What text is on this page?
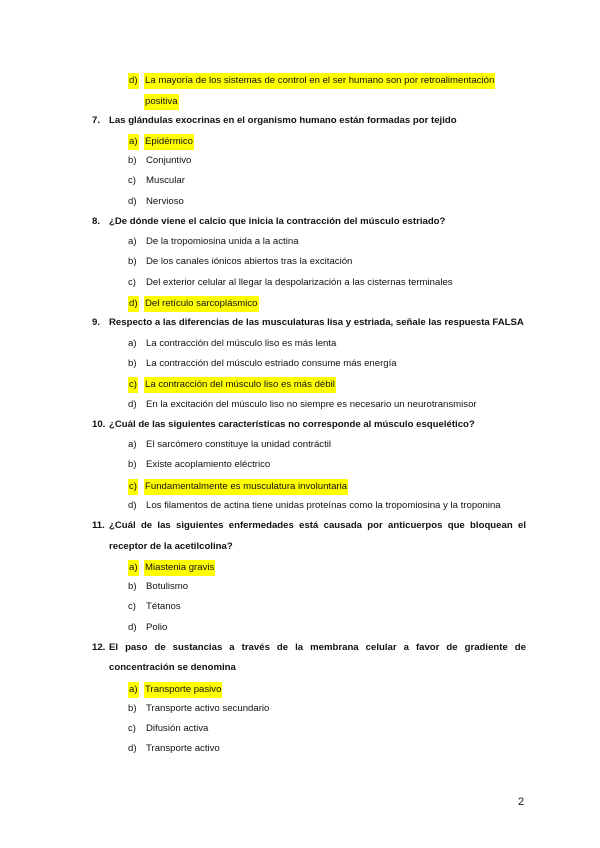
d) La mayoría de los sistemas de control en el ser humano son por retroalimentación
positiva
7. Las glándulas exocrinas en el organismo humano están formadas por tejido
a) Epidérmico
b) Conjuntivo
c) Muscular
d) Nervioso
8. ¿De dónde viene el calcio que inicia la contracción del músculo estriado?
a) De la tropomiosina unida a la actina
b) De los canales iónicos abiertos tras la excitación
c) Del exterior celular al llegar la despolarización a las cisternas terminales
d) Del retículo sarcoplásmico
9. Respecto a las diferencias de las musculaturas lisa y estriada, señale las respuesta FALSA
a) La contracción del músculo liso es más lenta
b) La contracción del músculo estriado consume más energía
c) La contracción del músculo liso es más débil
d) En la excitación del músculo liso no siempre es necesario un neurotransmisor
10. ¿Cuál de las siguientes características no corresponde al músculo esquelético?
a) El sarcómero constituye la unidad contráctil
b) Existe acoplamiento eléctrico
c) Fundamentalmente es musculatura involuntaria
d) Los filamentos de actina tiene unidas proteínas como la tropomiosina y la troponina
11. ¿Cuál de las siguientes enfermedades está causada por anticuerpos que bloquean el
receptor de la acetilcolina?
a) Miastenia gravis
b) Botulismo
c) Tétanos
d) Polio
12. El paso de sustancias a través de la membrana celular a favor de gradiente de
concentración se denomina
a) Transporte pasivo
b) Transporte activo secundario
c) Difusión activa
d) Transporte activo
2
